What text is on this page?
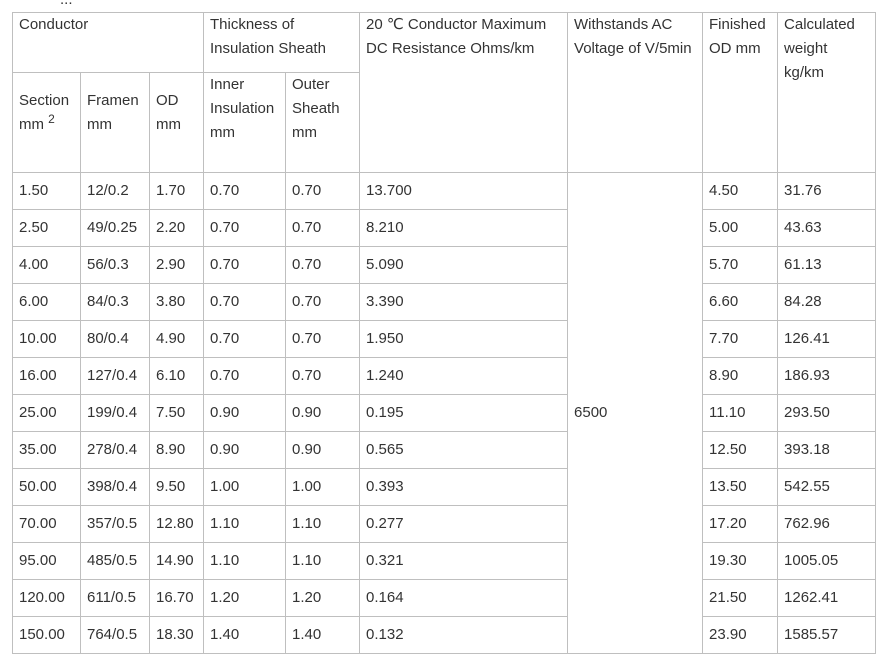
Conductor			Thickness of Insulation Sheath		20 ℃ Conductor Maximum DC Resistance Ohms/km	Withstands AC Voltage of V/5min	Finished OD mm	Calculated weight kg/km
Section mm $^2$	Framen mm	OD mm	Inner Insulation mm	Outer Sheath mm				
1.50	12/0.2	1.70	0.70	0.70	13.700	6500	4.50	31.76
2.50	49/0.25	2.20	0.70	0.70	8.210		5.00	43.63
4.00	56/0.3	2.90	0.70	0.70	5.090		5.70	61.13
6.00	84/0.3	3.80	0.70	0.70	3.390		6.60	84.28
10.00	80/0.4	4.90	0.70	0.70	1.950		7.70	126.41
16.00	127/0.4	6.10	0.70	0.70	1.240		8.90	186.93
25.00	199/0.4	7.50	0.90	0.90	0.195		11.10	293.50
35.00	278/0.4	8.90	0.90	0.90	0.565		12.50	393.18
50.00	398/0.4	9.50	1.00	1.00	0.393		13.50	542.55
70.00	357/0.5	12.80	1.10	1.10	0.277		17.20	762.96
95.00	485/0.5	14.90	1.10	1.10	0.321		19.30	1005.05
120.00	611/0.5	16.70	1.20	1.20	0.164		21.50	1262.41
150.00	764/0.5	18.30	1.40	1.40	0.132		23.90	1585.57
